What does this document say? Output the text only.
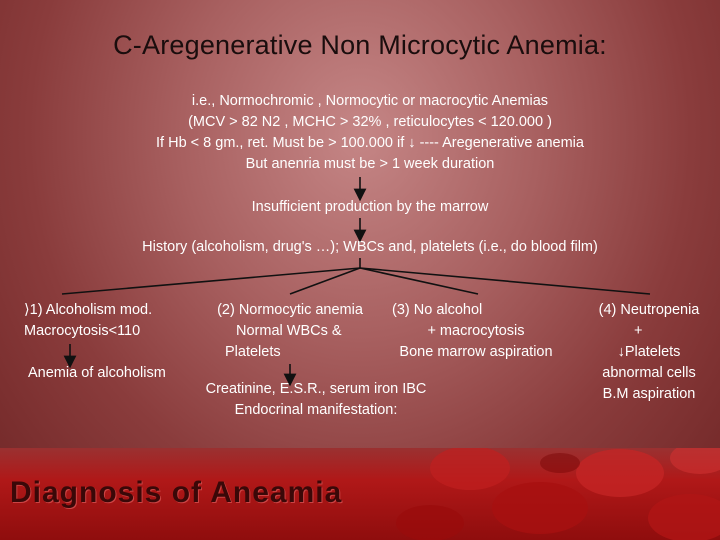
C-Aregenerative Non Microcytic Anemia:
i.e., Normochromic , Normocytic or macrocytic Anemias
(MCV > 82 N2 , MCHC > 32% , reticulocytes < 120.000 )
If Hb < 8 gm., ret. Must be > 100.000 if ↓ ---- Aregenerative anemia
But anenria must be > 1 week duration
Insufficient production by the marrow
History (alcoholism, drug's …); WBCs and, platelets (i.e., do blood film)
⟩1) Alcoholism mod.
Macrocytosis<110
Anemia of alcoholism
(2) Normocytic anemia
Normal WBCs &
Platelets
Creatinine, E.S.R., serum iron IBC
Endocrinal manifestation:
(3) No alcohol
+ macrocytosis
Bone marrow aspiration
(4) Neutropenia
+
↓Platelets
abnormal cells
B.M aspiration
Diagnosis of Aneamia
